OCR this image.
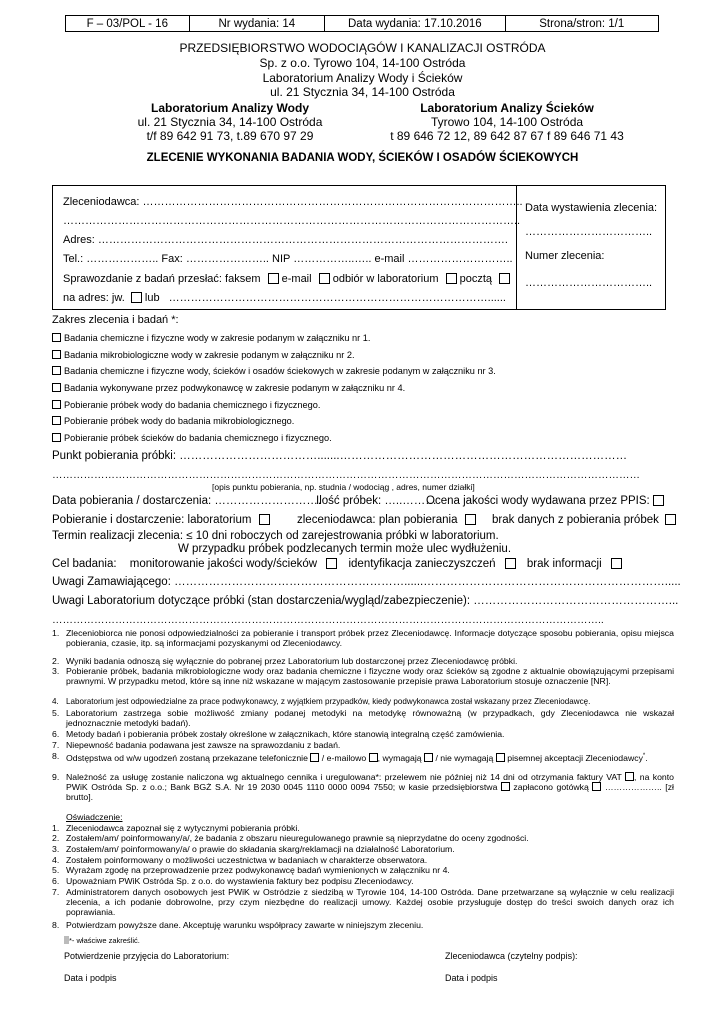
F – 03/POL - 16	Nr wydania: 14	Data wydania: 17.10.2016	Strona/stron: 1/1
PRZEDSIĘBIORSTWO WODOCIĄGÓW I KANALIZACJI OSTRÓDA
Sp. z o.o. Tyrowo 104, 14-100 Ostróda
Laboratorium Analizy Wody i Ścieków
ul. 21 Stycznia 34, 14-100 Ostróda
Laboratorium Analizy Wody
ul. 21 Stycznia 34, 14-100 Ostróda
t/f 89 642 91 73, t.89 670 97 29
Laboratorium Analizy Ścieków
Tyrowo 104, 14-100 Ostróda
t 89 646 72 12, 89 642 87 67 f 89 646 71 43
ZLECENIE WYKONANIA BADANIA WODY, ŚCIEKÓW I OSADÓW ŚCIEKOWYCH
Zleceniodawca: …………………………………………………………………………………………..
……………………………………………………………………………………………………………..
Adres: ………………………………………………………………………………………………….
Tel.: ……………….. Fax: ………………….. NIP ……………..….. e-mail ………………………..
Sprawozdanie z badań przesłać: faksem e-mail odbiór w laboratorium pocztą
na adres: jw. lub ……………………………………………………………………………......
Data wystawienia zlecenia:
……………………………..
Numer zlecenia:
……………………………..
Zakres zlecenia i badań *:
Badania chemiczne i fizyczne wody w zakresie podanym w załączniku nr 1.
Badania mikrobiologiczne wody w zakresie podanym w załączniku nr 2.
Badania chemiczne i fizyczne wody, ścieków i osadów ściekowych w zakresie podanym w załączniku nr 3.
Badania wykonywane przez podwykonawcę w zakresie podanym w załączniku nr 4.
Pobieranie próbek wody do badania chemicznego i fizycznego.
Pobieranie próbek wody do badania mikrobiologicznego.
Pobieranie próbek ścieków do badania chemicznego i fizycznego.
Punkt pobierania próbki: ……………………………….......…………………………………………………………………
……………………………………………………………………………………………………………………………………………………
[opis punktu pobierania, np. studnia / wodociąg , adres, numer działki]
Data pobierania / dostarczenia: ……………………….
Ilość próbek: …..………
Ocena jakości wody wydawana przez PPIS:
Pobieranie i dostarczenie: laboratorium	zleceniodawca: plan pobierania	brak danych z pobierania próbek
Termin realizacji zlecenia: ≤ 10 dni roboczych od zarejestrowania próbki w laboratorium.
W przypadku próbek podzlecanych termin może ulec wydłużeniu.
Cel badania: monitorowanie jakości wody/ścieków	identyfikacja zanieczyszczeń	brak informacji
Uwagi Zamawiającego: ……………………………………………………......……………………………………………………….....
Uwagi Laboratorium dotyczące próbki (stan dostarczenia/wygląd/zabezpieczenie): ……………………………………………...
…………………………………………………………………………………………………………………………………………..
1. Zleceniobiorca nie ponosi odpowiedzialności za pobieranie i transport próbek przez Zleceniodawcę. Informacje dotyczące sposobu pobierania, opisu miejsca pobierania, czasie, itp. są informacjami pozyskanymi od Zleceniodawcy.
2. Wyniki badania odnoszą się wyłącznie do pobranej przez Laboratorium lub dostarczonej przez Zleceniodawcę próbki.
3. Pobieranie próbek, badania mikrobiologiczne wody oraz badania chemiczne i fizyczne wody oraz ścieków są zgodne z aktualnie obowiązującymi przepisami prawnymi. W przypadku metod, które są inne niż wskazane w mającym zastosowanie przepisie prawa Laboratorium stosuje oznaczenie [NR].
4. Laboratorium jest odpowiedzialne za prace podwykonawcy, z wyjątkiem przypadków, kiedy podwykonawca został wskazany przez Zleceniodawcę.
5. Laboratorium zastrzega sobie możliwość zmiany podanej metodyki na metodykę równoważną (w przypadkach, gdy Zleceniodawca nie wskazał jednoznacznie metodyki badań).
6. Metody badań i pobierania próbek zostały określone w załącznikach, które stanowią integralną część zamówienia.
7. Niepewność badania podawana jest zawsze na sprawozdaniu z badań.
8. Odstępstwa od w/w ugodzeń zostaną przekazane telefonicznie / e-mailowo , wymagają / nie wymagają pisemnej akceptacji Zleceniodawcy*.
9. Należność za usługę zostanie naliczona wg aktualnego cennika i uregulowana*: przelewem nie później niż 14 dni od otrzymania faktury VAT , na konto PWiK Ostróda Sp. z o.o.; Bank BGŻ S.A. Nr 19 2030 0045 1110 0000 0094 7550; w kasie przedsiębiorstwa zapłacono gotówką ……………….. [zł brutto].
Oświadczenie:
1. Zleceniodawca zapoznał się z wytycznymi pobierania próbki.
2. Zostałem/am/ poinformowany/a/, że badania z obszaru nieuregulowanego prawnie są nieprzydatne do oceny zgodności.
3. Zostałem/am/ poinformowany/a/ o prawie do składania skarg/reklamacji na działalność Laboratorium.
4. Zostałem poinformowany o możliwości uczestnictwa w badaniach w charakterze obserwatora.
5. Wyrażam zgodę na przeprowadzenie przez podwykonawcę badań wymienionych w załączniku nr 4.
6. Upoważniam PWiK Ostróda Sp. z o.o. do wystawienia faktury bez podpisu Zleceniodawcy.
7. Administratorem danych osobowych jest PWiK w Ostródzie z siedzibą w Tyrowie 104, 14-100 Ostróda. Dane przetwarzane są wyłącznie w celu realizacji zlecenia, a ich podanie dobrowolne, przy czym niezbędne do realizacji umowy. Każdej osobie przysługuje dostęp do treści swoich danych oraz ich poprawiania.
8. Potwierdzam powyższe dane. Akceptuję warunku współpracy zawarte w niniejszym zleceniu.
*- właściwe zakreślić.
Potwierdzenie przyjęcia do Laboratorium:	Zleceniodawca (czytelny podpis):
Data i podpis	Data i podpis
